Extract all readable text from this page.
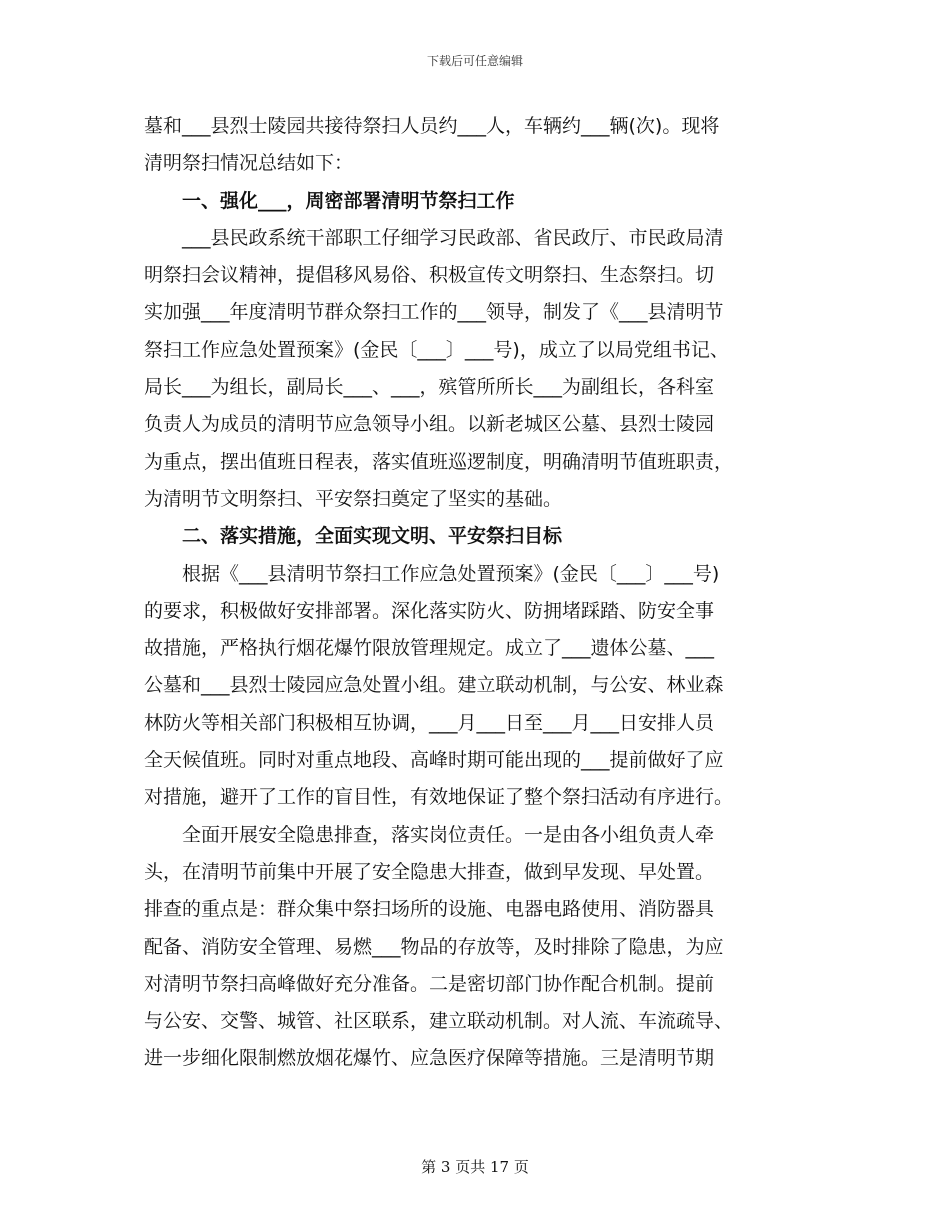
下载后可任意编辑
墓和___县烈士陵园共接待祭扫人员约___人，车辆约___辆(次)。现将
清明祭扫情况总结如下：
　　一、强化___，周密部署清明节祭扫工作
　　___县民政系统干部职工仔细学习民政部、省民政厅、市民政局清
明祭扫会议精神，提倡移风易俗、积极宣传文明祭扫、生态祭扫。切
实加强___年度清明节群众祭扫工作的___领导，制发了《___县清明节
祭扫工作应急处置预案》(金民〔___〕___号)，成立了以局党组书记、
局长___为组长，副局长___、___，殡管所所长___为副组长，各科室
负责人为成员的清明节应急领导小组。以新老城区公墓、县烈士陵园
为重点，摆出值班日程表，落实值班巡逻制度，明确清明节值班职责，
为清明节文明祭扫、平安祭扫奠定了坚实的基础。
　　二、落实措施，全面实现文明、平安祭扫目标
　　根据《___县清明节祭扫工作应急处置预案》(金民〔___〕___号)
的要求，积极做好安排部署。深化落实防火、防拥堵踩踏、防安全事
故措施，严格执行烟花爆竹限放管理规定。成立了___遗体公墓、___
公墓和___县烈士陵园应急处置小组。建立联动机制，与公安、林业森
林防火等相关部门积极相互协调，___月___日至___月___日安排人员
全天候值班。同时对重点地段、高峰时期可能出现的___提前做好了应
对措施，避开了工作的盲目性，有效地保证了整个祭扫活动有序进行。
　　全面开展安全隐患排查，落实岗位责任。一是由各小组负责人牵
头，在清明节前集中开展了安全隐患大排查，做到早发现、早处置。
排查的重点是：群众集中祭扫场所的设施、电器电路使用、消防器具
配备、消防安全管理、易燃___物品的存放等，及时排除了隐患，为应
对清明节祭扫高峰做好充分准备。二是密切部门协作配合机制。提前
与公安、交警、城管、社区联系，建立联动机制。对人流、车流疏导、
进一步细化限制燃放烟花爆竹、应急医疗保障等措施。三是清明节期
第 3 页共 17 页
